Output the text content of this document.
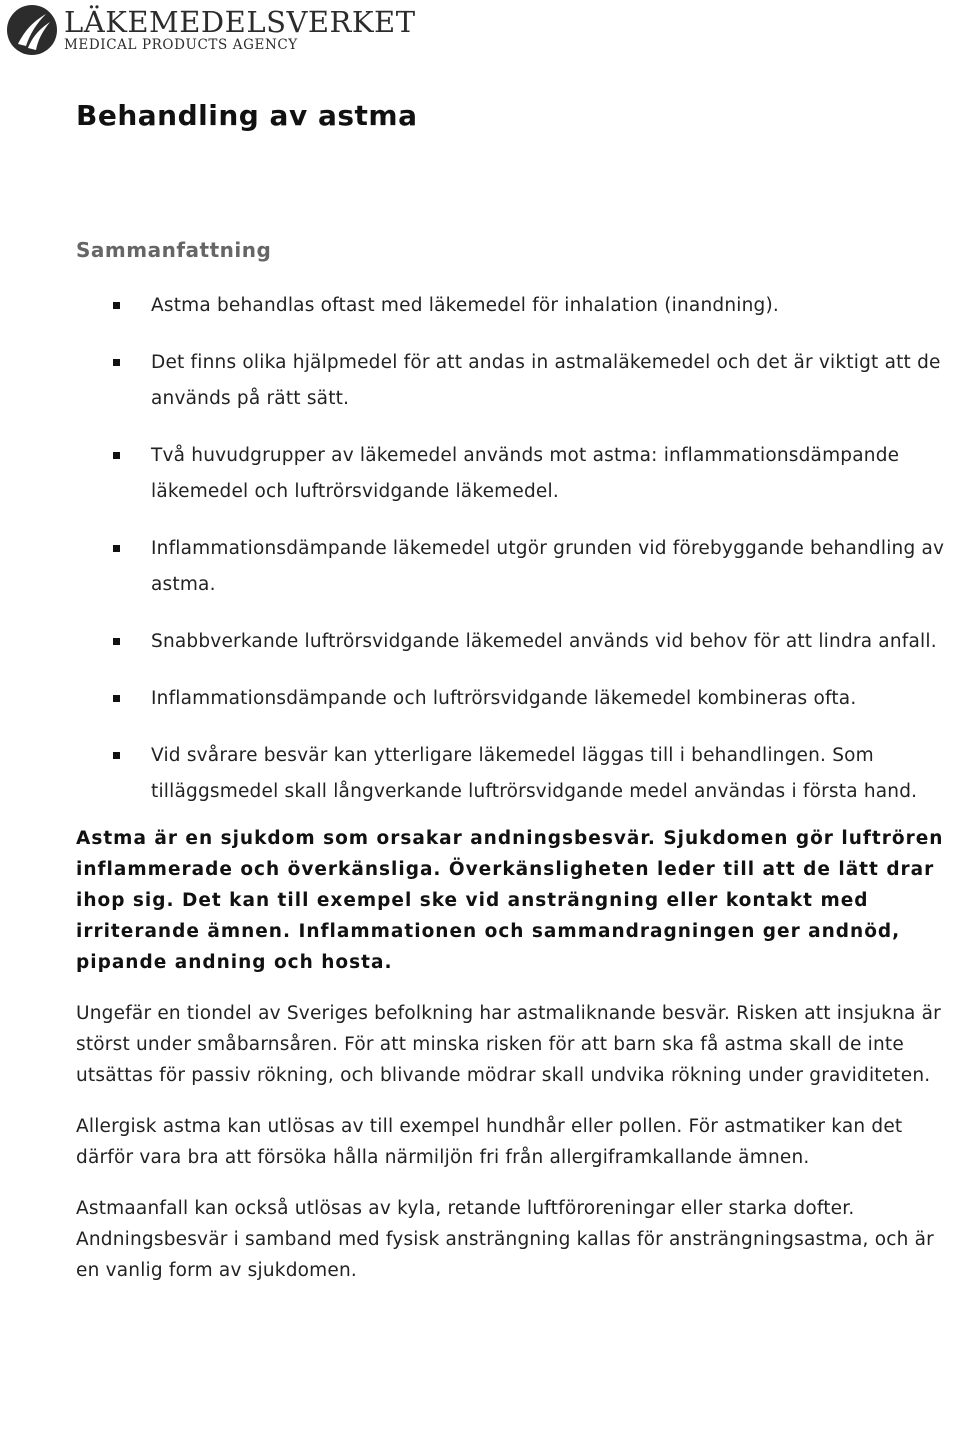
LÄKEMEDELSVERKET
MEDICAL PRODUCTS AGENCY
Behandling av astma
Sammanfattning
Astma behandlas oftast med läkemedel för inhalation (inandning).
Det finns olika hjälpmedel för att andas in astmaläkemedel och det är viktigt att de används på rätt sätt.
Två huvudgrupper av läkemedel används mot astma: inflammationsdämpande läkemedel och luftrörsvidgande läkemedel.
Inflammationsdämpande läkemedel utgör grunden vid förebyggande behandling av astma.
Snabbverkande luftrörsvidgande läkemedel används vid behov för att lindra anfall.
Inflammationsdämpande och luftrörsvidgande läkemedel kombineras ofta.
Vid svårare besvär kan ytterligare läkemedel läggas till i behandlingen. Som tilläggsmedel skall långverkande luftrörsvidgande medel användas i första hand.

Astma är en sjukdom som orsakar andningsbesvär. Sjukdomen gör luftrören inflammerade och överkänsliga. Överkänsligheten leder till att de lätt drar ihop sig. Det kan till exempel ske vid ansträngning eller kontakt med irriterande ämnen. Inflammationen och sammandragningen ger andnöd, pipande andning och hosta.

Ungefär en tiondel av Sveriges befolkning har astmaliknande besvär. Risken att insjukna är störst under småbarnsåren. För att minska risken för att barn ska få astma skall de inte utsättas för passiv rökning, och blivande mödrar skall undvika rökning under graviditeten.

Allergisk astma kan utlösas av till exempel hundhår eller pollen. För astmatiker kan det därför vara bra att försöka hålla närmiljön fri från allergiframkallande ämnen.

Astmaanfall kan också utlösas av kyla, retande luftföroreningar eller starka dofter. Andningsbesvär i samband med fysisk ansträngning kallas för ansträngningsastma, och är en vanlig form av sjukdomen.
